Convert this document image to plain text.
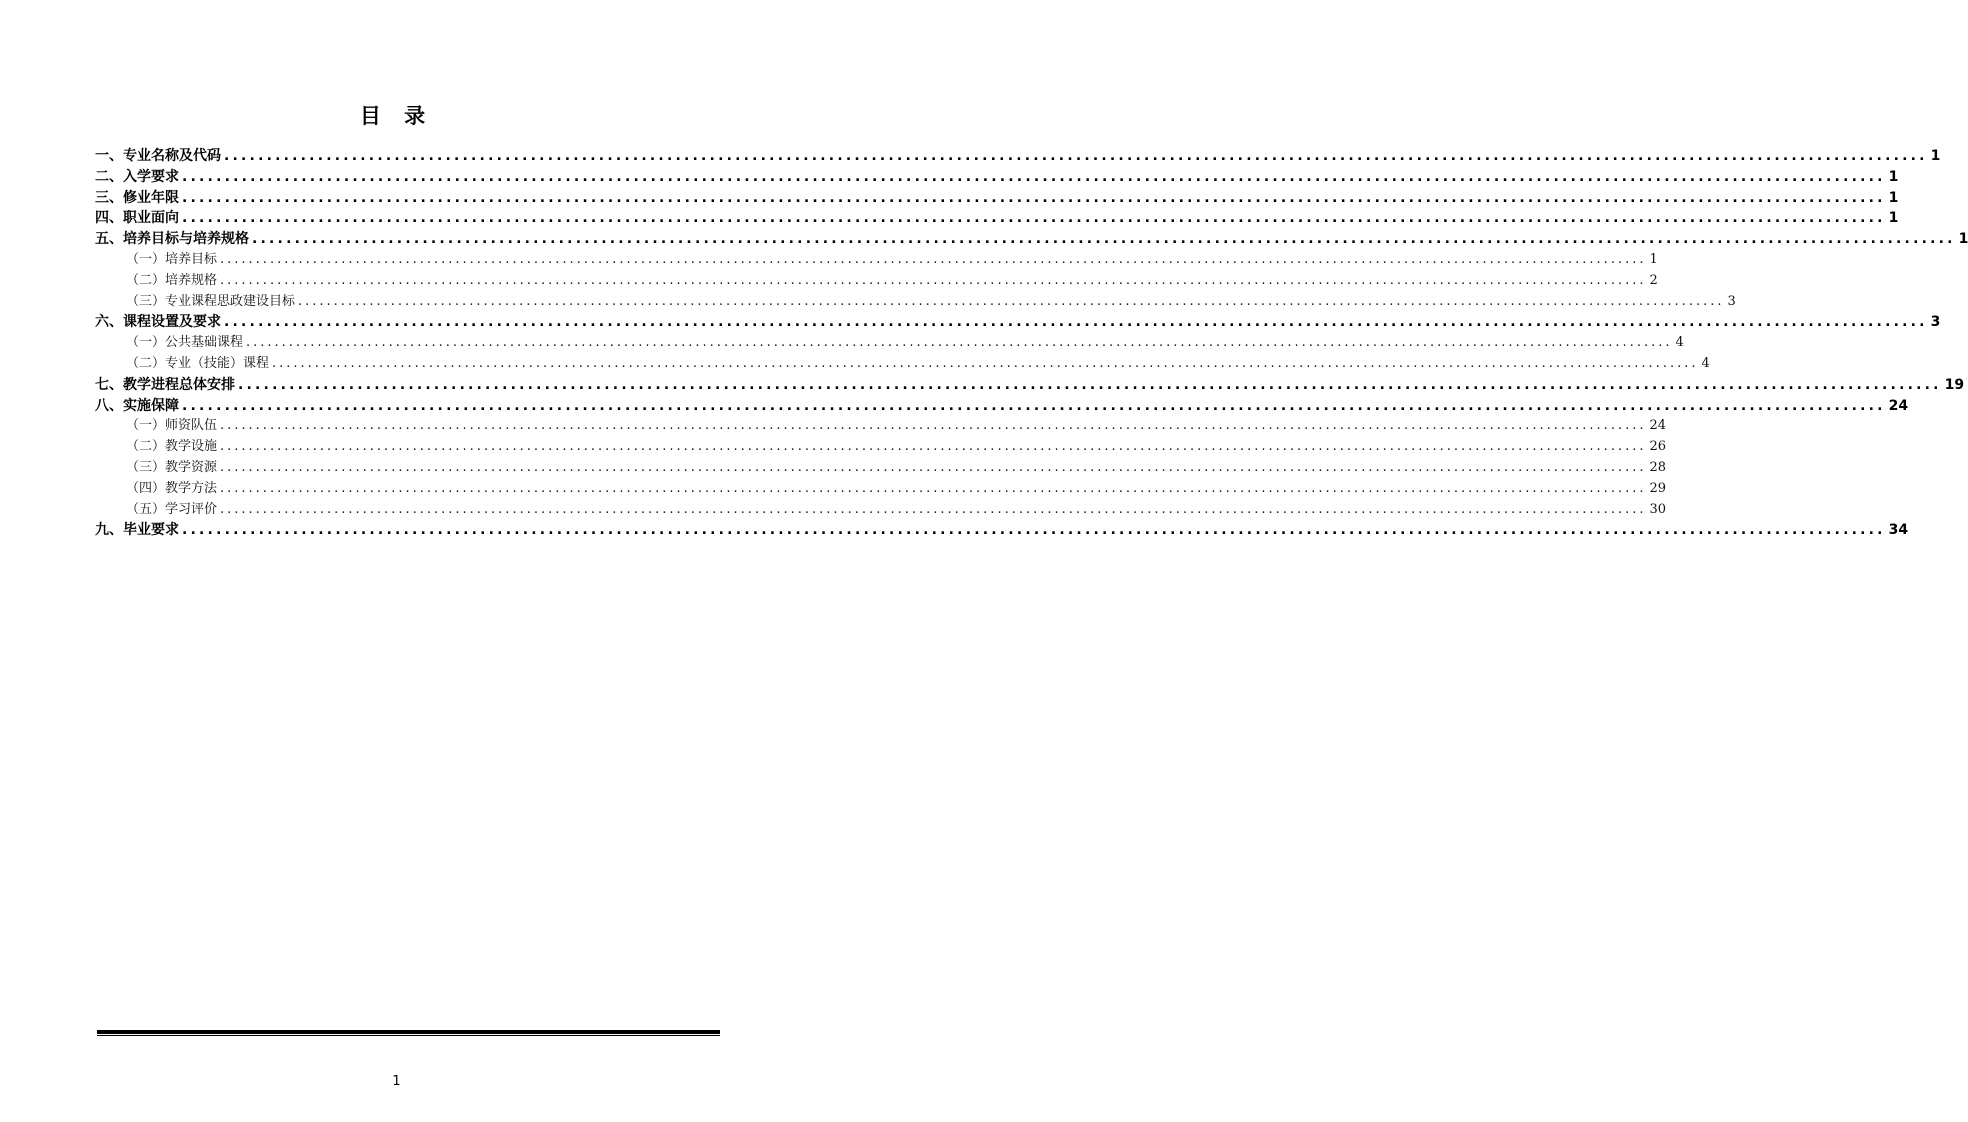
目 录
一、专业名称及代码 ........................................................................................................................................................................................................ 1
二、入学要求 ........................................................................................................................................................................................................ 1
三、修业年限 ........................................................................................................................................................................................................ 1
四、职业面向 ........................................................................................................................................................................................................ 1
五、培养目标与培养规格 ........................................................................................................................................................................................................ 1
（一）培养目标 ........................................................................................................................................................................................................ 1
（二）培养规格 ........................................................................................................................................................................................................ 2
（三）专业课程思政建设目标 ........................................................................................................................................................................................................ 3
六、课程设置及要求 ........................................................................................................................................................................................................ 3
（一）公共基础课程 ........................................................................................................................................................................................................ 4
（二）专业（技能）课程 ........................................................................................................................................................................................................ 4
七、教学进程总体安排 ........................................................................................................................................................................................................ 19
八、实施保障 ........................................................................................................................................................................................................ 24
（一）师资队伍 ........................................................................................................................................................................................................ 24
（二）教学设施 ........................................................................................................................................................................................................ 26
（三）教学资源 ........................................................................................................................................................................................................ 28
（四）教学方法 ........................................................................................................................................................................................................ 29
（五）学习评价 ........................................................................................................................................................................................................ 30
九、毕业要求 ........................................................................................................................................................................................................ 34
1
